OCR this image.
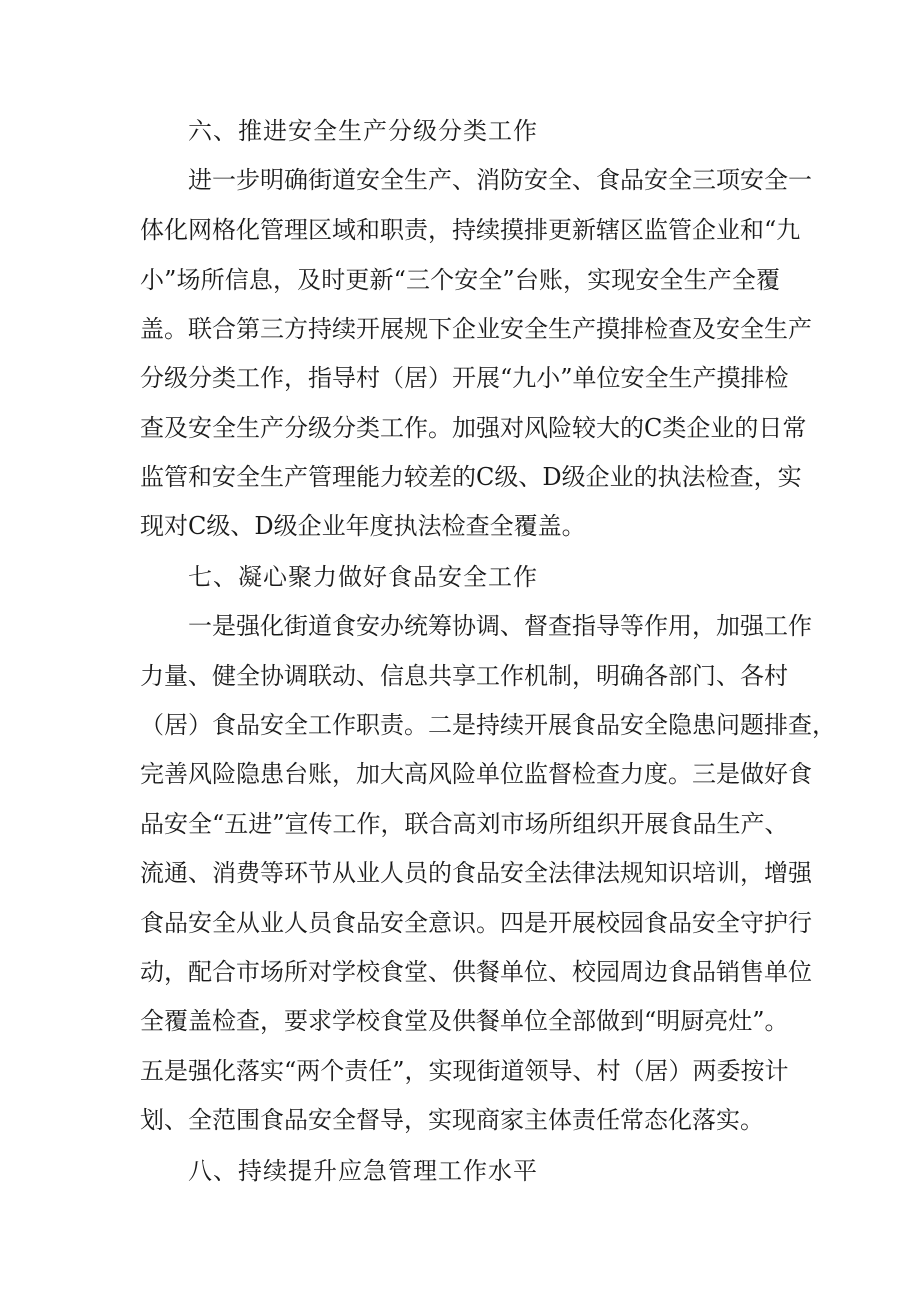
六、推进安全生产分级分类工作

进一步明确街道安全生产、消防安全、食品安全三项安全一

体化网格化管理区域和职责，持续摸排更新辖区监管企业和“九

小”场所信息，及时更新“三个安全”台账，实现安全生产全覆

盖。联合第三方持续开展规下企业安全生产摸排检查及安全生产

分级分类工作，指导村（居）开展“九小”单位安全生产摸排检

查及安全生产分级分类工作。加强对风险较大的C类企业的日常

监管和安全生产管理能力较差的C级、D级企业的执法检查，实

现对C级、D级企业年度执法检查全覆盖。

七、凝心聚力做好食品安全工作

一是强化街道食安办统筹协调、督查指导等作用，加强工作

力量、健全协调联动、信息共享工作机制，明确各部门、各村

（居）食品安全工作职责。二是持续开展食品安全隐患问题排查，

完善风险隐患台账，加大高风险单位监督检查力度。三是做好食

品安全“五进”宣传工作，联合高刘市场所组织开展食品生产、

流通、消费等环节从业人员的食品安全法律法规知识培训，增强

食品安全从业人员食品安全意识。四是开展校园食品安全守护行

动，配合市场所对学校食堂、供餐单位、校园周边食品销售单位

全覆盖检查，要求学校食堂及供餐单位全部做到“明厨亮灶”。

五是强化落实“两个责任”，实现街道领导、村（居）两委按计

划、全范围食品安全督导，实现商家主体责任常态化落实。

八、持续提升应急管理工作水平
